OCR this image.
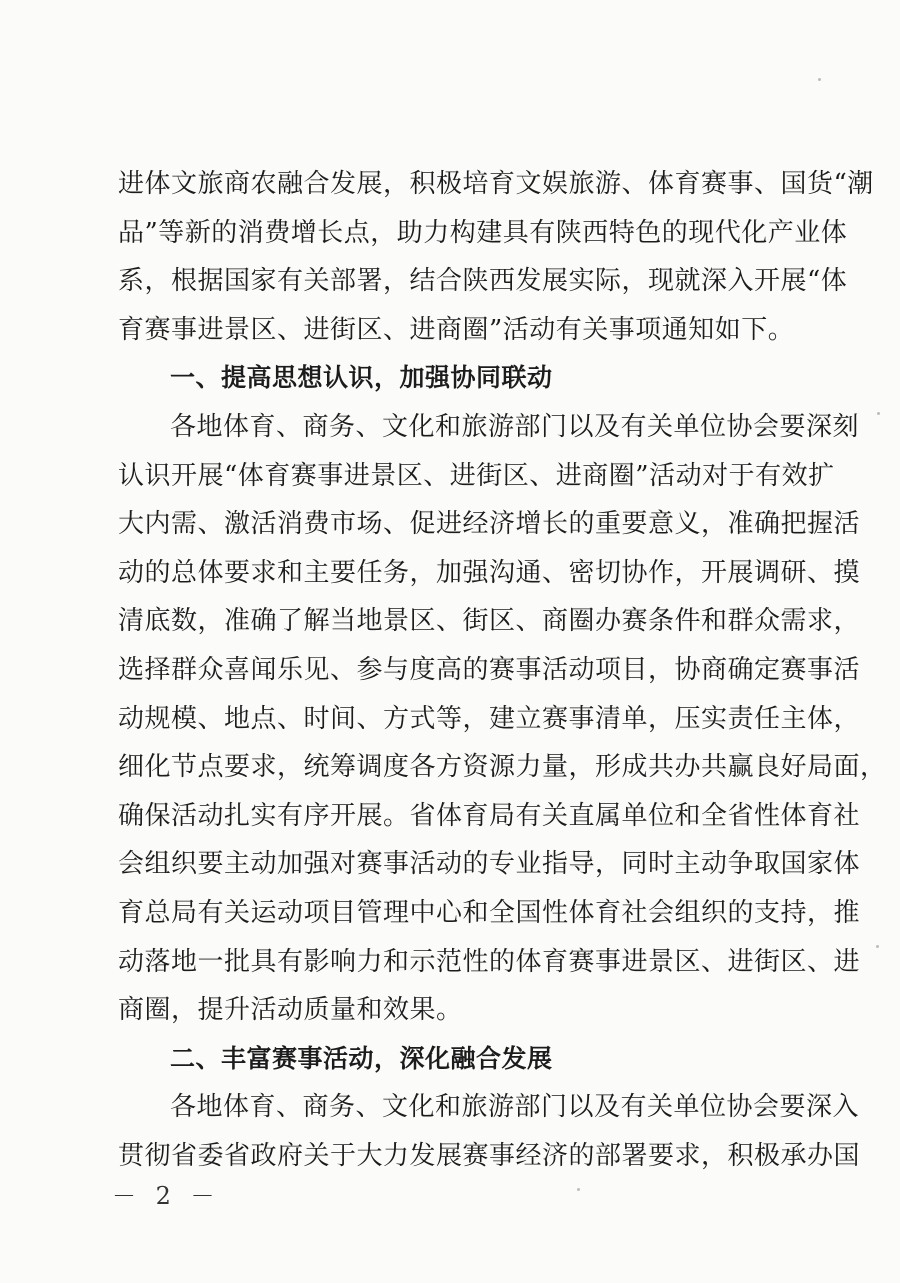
进体文旅商农融合发展，积极培育文娱旅游、体育赛事、国货“潮
品”等新的消费增长点，助力构建具有陕西特色的现代化产业体
系，根据国家有关部署，结合陕西发展实际，现就深入开展“体
育赛事进景区、进街区、进商圈”活动有关事项通知如下。
一、提高思想认识，加强协同联动
各地体育、商务、文化和旅游部门以及有关单位协会要深刻
认识开展“体育赛事进景区、进街区、进商圈”活动对于有效扩
大内需、激活消费市场、促进经济增长的重要意义，准确把握活
动的总体要求和主要任务，加强沟通、密切协作，开展调研、摸
清底数，准确了解当地景区、街区、商圈办赛条件和群众需求，
选择群众喜闻乐见、参与度高的赛事活动项目，协商确定赛事活
动规模、地点、时间、方式等，建立赛事清单，压实责任主体，
细化节点要求，统筹调度各方资源力量，形成共办共赢良好局面，
确保活动扎实有序开展。省体育局有关直属单位和全省性体育社
会组织要主动加强对赛事活动的专业指导，同时主动争取国家体
育总局有关运动项目管理中心和全国性体育社会组织的支持，推
动落地一批具有影响力和示范性的体育赛事进景区、进街区、进
商圈，提升活动质量和效果。
二、丰富赛事活动，深化融合发展
各地体育、商务、文化和旅游部门以及有关单位协会要深入
贯彻省委省政府关于大力发展赛事经济的部署要求，积极承办国
－ 2 －
